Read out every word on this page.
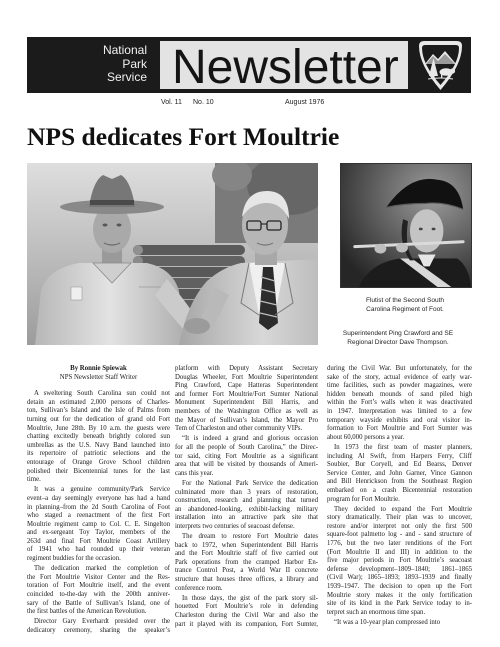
National
Park
Service Newsletter
Vol. 11 No. 10	August 1976
NPS dedicates Fort Moultrie
Flutist of the Second South
Carolina Regiment of Foot.
Superintendent Ping Crawford and SE
Regional Director Dave Thompson.
By Ronnie Spiewak
NPS Newsletter Staff Writer
A sweltering South Carolina sun could not
detain an estimated 2,000 persons of Charles-
ton, Sullivan’s Island and the Isle of Palms from
turning out for the dedication of grand old Fort
Moultrie, June 28th. By 10 a.m. the guests were
chatting excitedly beneath brightly colored sun
umbrellas as the U.S. Navy Band launched into
its repertoire of patriotic selections and the
entourage of Orange Grove School children
polished their Bicentennial tunes for the last
time.
It was a genuine community/Park Service
event–a day seemingly everyone has had a hand
in planning–from the 2d South Carolina of Foot
who staged a reenactment of the first Fort
Moultrie regiment camp to Col. C. E. Singelton
and ex-sergeant Toy Taylor, members of the
263d and final Fort Moultrie Coast Artillery
of 1941 who had rounded up their veteran
regiment buddies for the occasion.
The dedication marked the completion of
the Fort Moultrie Visitor Center and the Res-
toration of Fort Moultrie itself, and the event
coincided to-the-day with the 200th anniver-
sary of the Battle of Sullivan’s Island, one of
the first battles of the American Revolution.
Director Gary Everhardt presided over the
dedicatory ceremony, sharing the speaker’s
platform with Deputy Assistant Secretary
Douglas Wheeler, Fort Moultrie Superintendent
Ping Crawford, Cape Hatteras Superintendent
and former Fort Moultrie/Fort Sumter National
Monument Superintendent Bill Harris, and
members of the Washington Office as well as
the Mayor of Sullivan’s Island, the Mayor Pro
Tem of Charleston and other community VIPs.
“It is indeed a grand and glorious occasion
for all the people of South Carolina,” the Direc-
tor said, citing Fort Moultrie as a significant
area that will be visited by thousands of Ameri-
cans this year.
For the National Park Service the dedication
culminated more than 3 years of restoration,
construction, research and planning that turned
an abandoned-looking, exhibit-lacking military
installation into an attractive park site that
interprets two centuries of seacoast defense.
The dream to restore Fort Moultrie dates
back to 1972, when Superintendent Bill Harris
and the Fort Moultrie staff of five carried out
Park operations from the cramped Harbor En-
trance Control Post, a World War II concrete
structure that houses three offices, a library and
conference room.
In those days, the gist of the park story sil-
houetted Fort Moultrie’s role in defending
Charleston during the Civil War and also the
part it played with its companion, Fort Sumter,
during the Civil War. But unfortunately, for the
sake of the story, actual evidence of early war-
time facilities, such as powder magazines, were
hidden beneath mounds of sand piled high
within the Fort’s walls when it was deactivated
in 1947. Interpretation was limited to a few
temporary wayside exhibits and oral visitor in-
formation to Fort Moultrie and Fort Sumter was
about 60,000 persons a year.
In 1973 the first team of master planners,
including Al Swift, from Harpers Ferry, Cliff
Soubier, Bur Coryell, and Ed Bearss, Denver
Service Center, and John Garner, Vince Gannon
and Bill Henrickson from the Southeast Region
embarked on a crash Bicentennial restoration
program for Fort Moultrie.
They decided to expand the Fort Moultrie
story dramatically. Their plan was to uncover,
restore and/or interpret not only the first 500
square-foot palmetto log - and - sand structure of
1776, but the two later renditions of the Fort
(Fort Moultrie II and III) in addition to the
five major periods in Fort Moultrie’s seacoast
defense development–1809–1840; 1861–1865
(Civil War); 1865–1893; 1893–1939 and finally
1939–1947. The decision to open up the Fort
Moultrie story makes it the only fortification
site of its kind in the Park Service today to in-
terpret such an enormous time span.
“It was a 10-year plan compressed into
